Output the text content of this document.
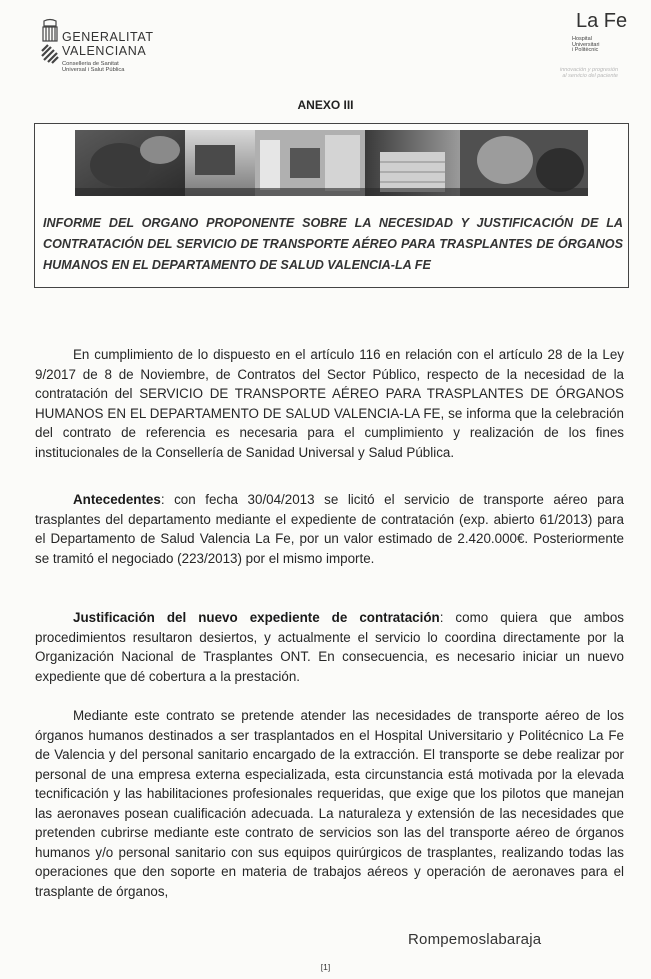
GENERALITAT
VALENCIANA
Conselleria de Sanitat
Universal i Salut Pública
La Fe
Hospital
Universitari
i Politècnic
innovación y progresión
al servicio del paciente
ANEXO III
INFORME DEL ORGANO PROPONENTE SOBRE LA NECESIDAD Y JUSTIFICACIÓN DE LA CONTRATACIÓN DEL SERVICIO DE TRANSPORTE AÉREO PARA TRASPLANTES DE ÓRGANOS HUMANOS EN EL DEPARTAMENTO DE SALUD VALENCIA-LA FE
En cumplimiento de lo dispuesto en el artículo 116 en relación con el artículo 28 de la Ley 9/2017 de 8 de Noviembre, de Contratos del Sector Público, respecto de la necesidad de la contratación del SERVICIO DE TRANSPORTE AÉREO PARA TRASPLANTES DE ÓRGANOS HUMANOS EN EL DEPARTAMENTO DE SALUD VALENCIA-LA FE, se informa que la celebración del contrato de referencia es necesaria para el cumplimiento y realización de los fines institucionales de la Consellería de Sanidad Universal y Salud Pública.
Antecedentes: con fecha 30/04/2013 se licitó el servicio de transporte aéreo para trasplantes del departamento mediante el expediente de contratación (exp. abierto 61/2013) para el Departamento de Salud Valencia La Fe, por un valor estimado de 2.420.000€. Posteriormente se tramitó el negociado (223/2013) por el mismo importe.
Justificación del nuevo expediente de contratación: como quiera que ambos procedimientos resultaron desiertos, y actualmente el servicio lo coordina directamente por la Organización Nacional de Trasplantes ONT. En consecuencia, es necesario iniciar un nuevo expediente que dé cobertura a la prestación.
Mediante este contrato se pretende atender las necesidades de transporte aéreo de los órganos humanos destinados a ser trasplantados en el Hospital Universitario y Politécnico La Fe de Valencia y del personal sanitario encargado de la extracción. El transporte se debe realizar por personal de una empresa externa especializada, esta circunstancia está motivada por la elevada tecnificación y las habilitaciones profesionales requeridas, que exige que los pilotos que manejan las aeronaves posean cualificación adecuada. La naturaleza y extensión de las necesidades que pretenden cubrirse mediante este contrato de servicios son las del transporte aéreo de órganos humanos y/o personal sanitario con sus equipos quirúrgicos de trasplantes, realizando todas las operaciones que den soporte en materia de trabajos aéreos y operación de aeronaves para el trasplante de órganos,
Rompemoslabaraja
[1]
